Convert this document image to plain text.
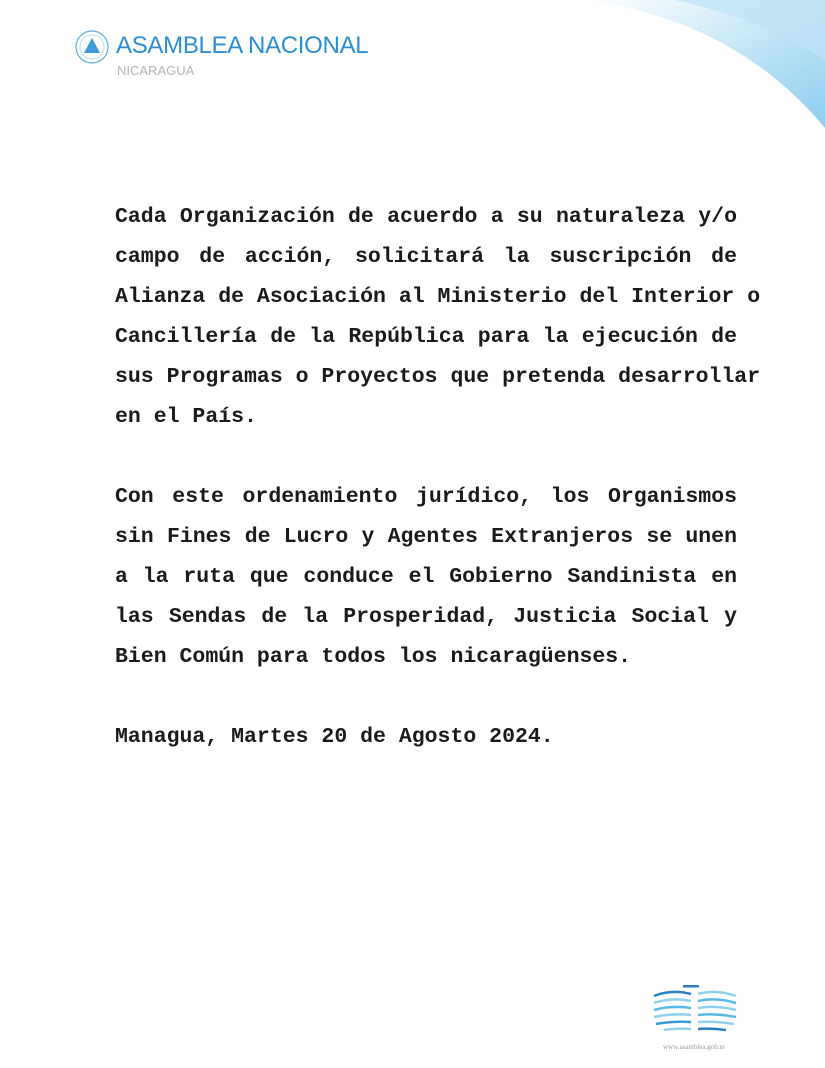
ASAMBLEA NACIONAL
NICARAGUA
Cada Organización de acuerdo a su naturaleza y/o
campo de acción, solicitará la suscripción de
Alianza de Asociación al Ministerio del Interior o
Cancillería de la República para la ejecución de
sus Programas o Proyectos que pretenda desarrollar
en el País.
Con este ordenamiento jurídico, los Organismos
sin Fines de Lucro y Agentes Extranjeros se unen
a la ruta que conduce el Gobierno Sandinista en
las Sendas de la Prosperidad, Justicia Social y
Bien Común para todos los nicaragüenses.
Managua, Martes 20 de Agosto 2024.
www.asamblea.gob.ni
